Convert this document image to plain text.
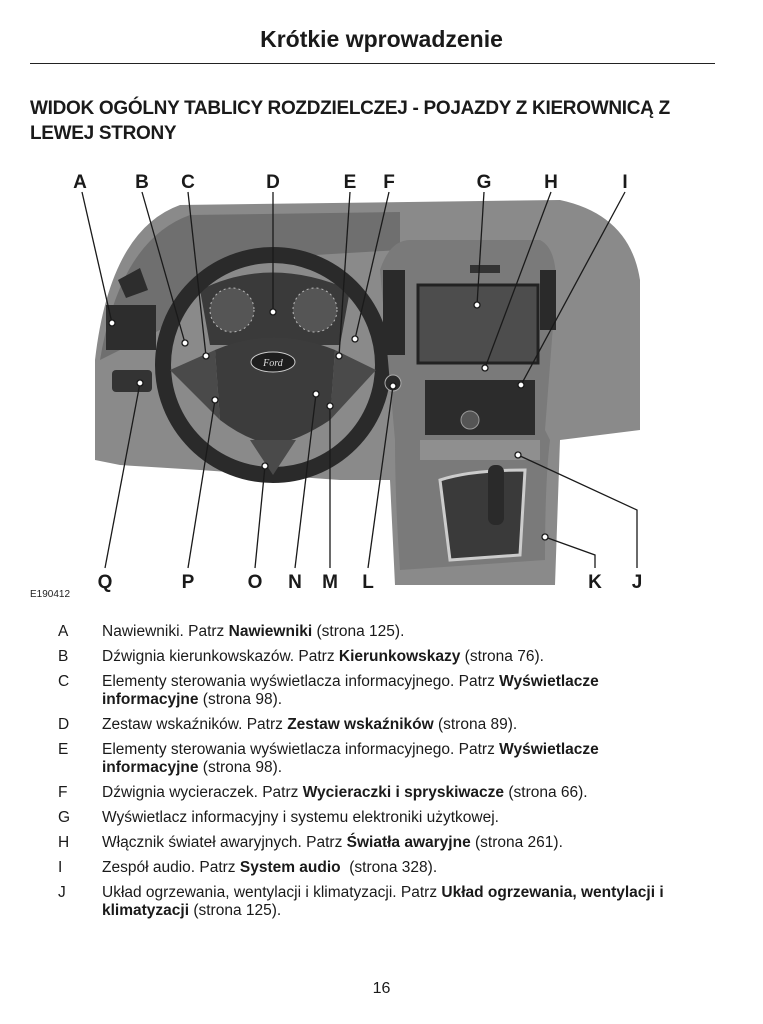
Krótkie wprowadzenie
WIDOK OGÓLNY TABLICY ROZDZIELCZEJ - POJAZDY Z KIEROWNICĄ Z LEWEJ STRONY
Ford
A	B C	D	E F	G	H	I
Q	P	O N M L	K J
E190412
A Nawiewniki. Patrz Nawiewniki (strona 125).
B Dźwignia kierunkowskazów. Patrz Kierunkowskazy (strona 76).
C Elementy sterowania wyświetlacza informacyjnego. Patrz Wyświetlacze informacyjne (strona 98).
D Zestaw wskaźników. Patrz Zestaw wskaźników (strona 89).
E Elementy sterowania wyświetlacza informacyjnego. Patrz Wyświetlacze informacyjne (strona 98).
F Dźwignia wycieraczek. Patrz Wycieraczki i spryskiwacze (strona 66).
G Wyświetlacz informacyjny i systemu elektroniki użytkowej.
H Włącznik świateł awaryjnych. Patrz Światła awaryjne (strona 261).
I	Zespół audio. Patrz System audio  (strona 328).
J Układ ogrzewania, wentylacji i klimatyzacji. Patrz Układ ogrzewania, wentylacji i klimatyzacji (strona 125).
16
